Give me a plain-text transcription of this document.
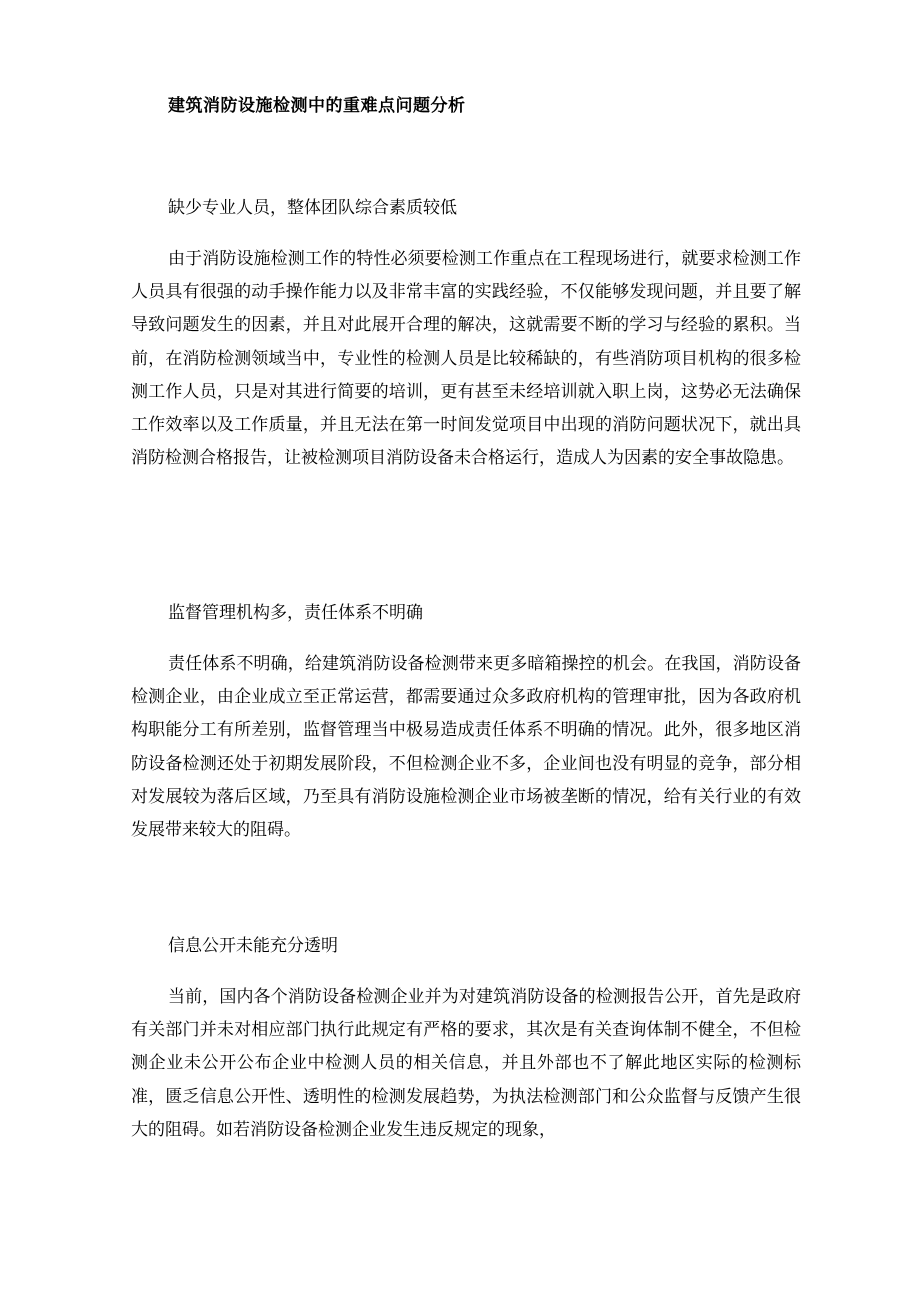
建筑消防设施检测中的重难点问题分析

缺少专业人员，整体团队综合素质较低

由于消防设施检测工作的特性必须要检测工作重点在工程现场进行，就要求检测工作人员具有很强的动手操作能力以及非常丰富的实践经验，不仅能够发现问题，并且要了解导致问题发生的因素，并且对此展开合理的解决，这就需要不断的学习与经验的累积。当前，在消防检测领域当中，专业性的检测人员是比较稀缺的，有些消防项目机构的很多检测工作人员，只是对其进行简要的培训，更有甚至未经培训就入职上岗，这势必无法确保工作效率以及工作质量，并且无法在第一时间发觉项目中出现的消防问题状况下，就出具消防检测合格报告，让被检测项目消防设备未合格运行，造成人为因素的安全事故隐患。

监督管理机构多，责任体系不明确

责任体系不明确，给建筑消防设备检测带来更多暗箱操控的机会。在我国，消防设备检测企业，由企业成立至正常运营，都需要通过众多政府机构的管理审批，因为各政府机构职能分工有所差别，监督管理当中极易造成责任体系不明确的情况。此外，很多地区消防设备检测还处于初期发展阶段，不但检测企业不多，企业间也没有明显的竞争，部分相对发展较为落后区域，乃至具有消防设施检测企业市场被垄断的情况，给有关行业的有效发展带来较大的阻碍。

信息公开未能充分透明

当前，国内各个消防设备检测企业并为对建筑消防设备的检测报告公开，首先是政府有关部门并未对相应部门执行此规定有严格的要求，其次是有关查询体制不健全，不但检测企业未公开公布企业中检测人员的相关信息，并且外部也不了解此地区实际的检测标准，匮乏信息公开性、透明性的检测发展趋势，为执法检测部门和公众监督与反馈产生很大的阻碍。如若消防设备检测企业发生违反规定的现象，
